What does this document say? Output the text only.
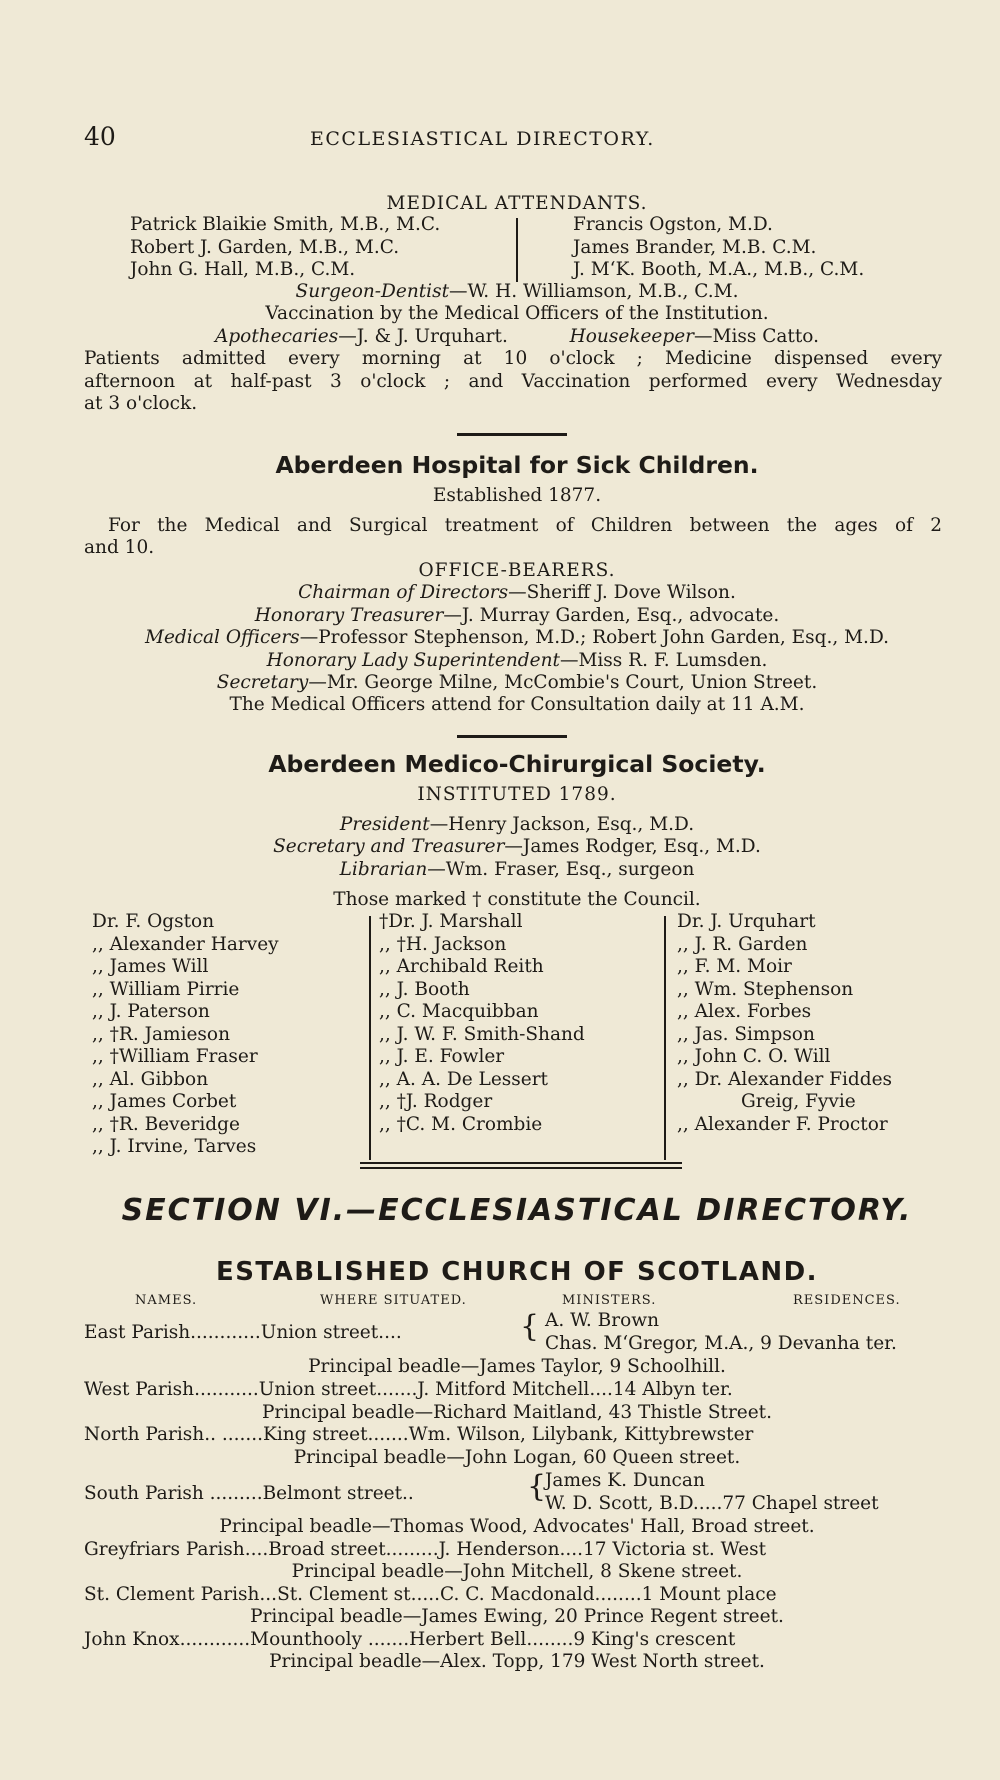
40	ECCLESIASTICAL DIRECTORY.
MEDICAL ATTENDANTS.
Patrick Blaikie Smith, M.B., M.C.
Robert J. Garden, M.B., M.C.
John G. Hall, M.B., C.M.
Francis Ogston, M.D.
James Brander, M.B. C.M.
J. M‘K. Booth, M.A., M.B., C.M.
Surgeon-Dentist—W. H. Williamson, M.B., C.M.
Vaccination by the Medical Officers of the Institution.
Apothecaries—J. & J. Urquhart.	Housekeeper—Miss Catto.
Patients admitted every morning at 10 o'clock ; Medicine dispensed every
afternoon at half-past 3 o'clock ; and Vaccination performed every Wednesday
at 3 o'clock.
Aberdeen Hospital for Sick Children.
Established 1877.
For the Medical and Surgical treatment of Children between the ages of 2
and 10.
OFFICE-BEARERS.
Chairman of Directors—Sheriff J. Dove Wilson.
Honorary Treasurer—J. Murray Garden, Esq., advocate.
Medical Officers—Professor Stephenson, M.D.; Robert John Garden, Esq., M.D.
Honorary Lady Superintendent—Miss R. F. Lumsden.
Secretary—Mr. George Milne, McCombie's Court, Union Street.
The Medical Officers attend for Consultation daily at 11 A.M.
Aberdeen Medico-Chirurgical Society.
INSTITUTED 1789.
President—Henry Jackson, Esq., M.D.
Secretary and Treasurer—James Rodger, Esq., M.D.
Librarian—Wm. Fraser, Esq., surgeon
Those marked † constitute the Council.
Dr. F. Ogston
,, Alexander Harvey
,, James Will
,, William Pirrie
,, J. Paterson
,, †R. Jamieson
,, †William Fraser
,, Al. Gibbon
,, James Corbet
,, †R. Beveridge
,, J. Irvine, Tarves
†Dr. J. Marshall
,, †H. Jackson
,, Archibald Reith
,, J. Booth
,, C. Macquibban
,, J. W. F. Smith-Shand
,, J. E. Fowler
,, A. A. De Lessert
,, †J. Rodger
,, †C. M. Crombie
Dr. J. Urquhart
,, J. R. Garden
,, F. M. Moir
,, Wm. Stephenson
,, Alex. Forbes
,, Jas. Simpson
,, John C. O. Will
,, Dr. Alexander Fiddes
Greig, Fyvie
,, Alexander F. Proctor
SECTION VI.—ECCLESIASTICAL DIRECTORY.
ESTABLISHED CHURCH OF SCOTLAND.
NAMES.	WHERE SITUATED.	MINISTERS.	RESIDENCES.
East Parish............Union street....	{ A. W. Brown
Chas. M‘Gregor, M.A., 9 Devanha ter.
Principal beadle—James Taylor, 9 Schoolhill.
West Parish...........Union street.......J. Mitford Mitchell....14 Albyn ter.
Principal beadle—Richard Maitland, 43 Thistle Street.
North Parish.. .......King street.......Wm. Wilson, Lilybank, Kittybrewster
Principal beadle—John Logan, 60 Queen street.
South Parish .........Belmont street..	{
James K. Duncan
W. D. Scott, B.D.....77 Chapel street
Principal beadle—Thomas Wood, Advocates' Hall, Broad street.
Greyfriars Parish....Broad street.........J. Henderson....17 Victoria st. West
Principal beadle—John Mitchell, 8 Skene street.
St. Clement Parish...St. Clement st.....C. C. Macdonald........1 Mount place
Principal beadle—James Ewing, 20 Prince Regent street.
John Knox............Mounthooly .......Herbert Bell........9 King's crescent
Principal beadle—Alex. Topp, 179 West North street.
